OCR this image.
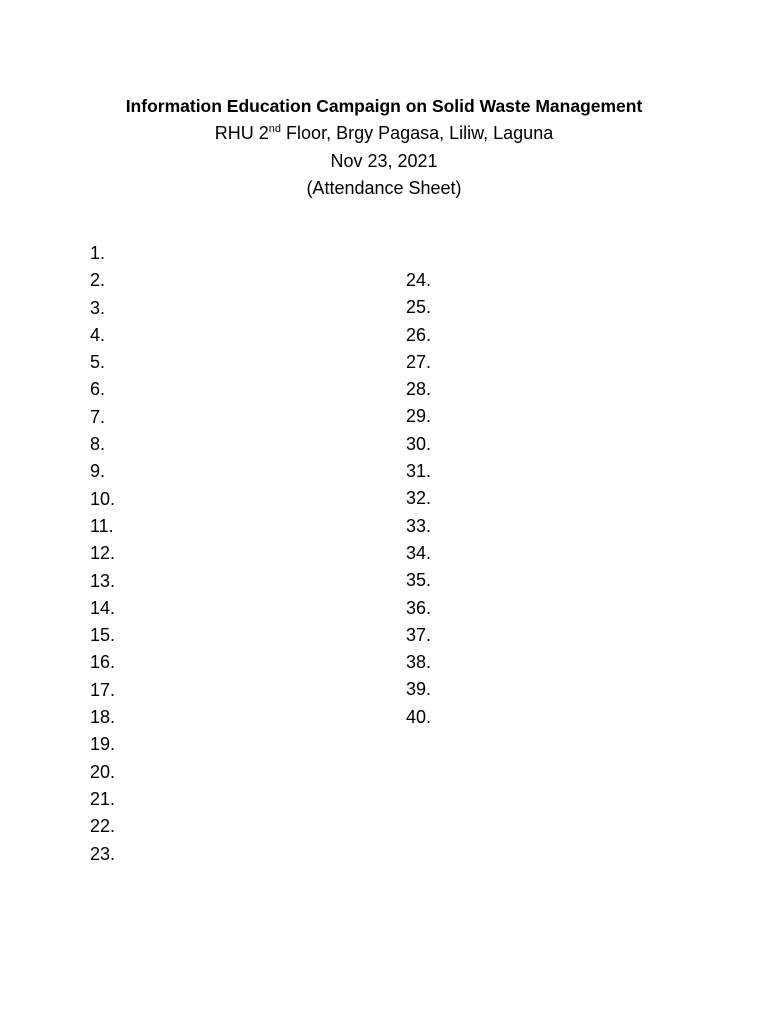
Information Education Campaign on Solid Waste Management
RHU 2nd Floor, Brgy Pagasa, Liliw, Laguna
Nov 23, 2021
(Attendance Sheet)
1.
2.
3.
4.
5.
6.
7.
8.
9.
10.
11.
12.
13.
14.
15.
16.
17.
18.
19.
20.
21.
22.
23.
24.
25.
26.
27.
28.
29.
30.
31.
32.
33.
34.
35.
36.
37.
38.
39.
40.
